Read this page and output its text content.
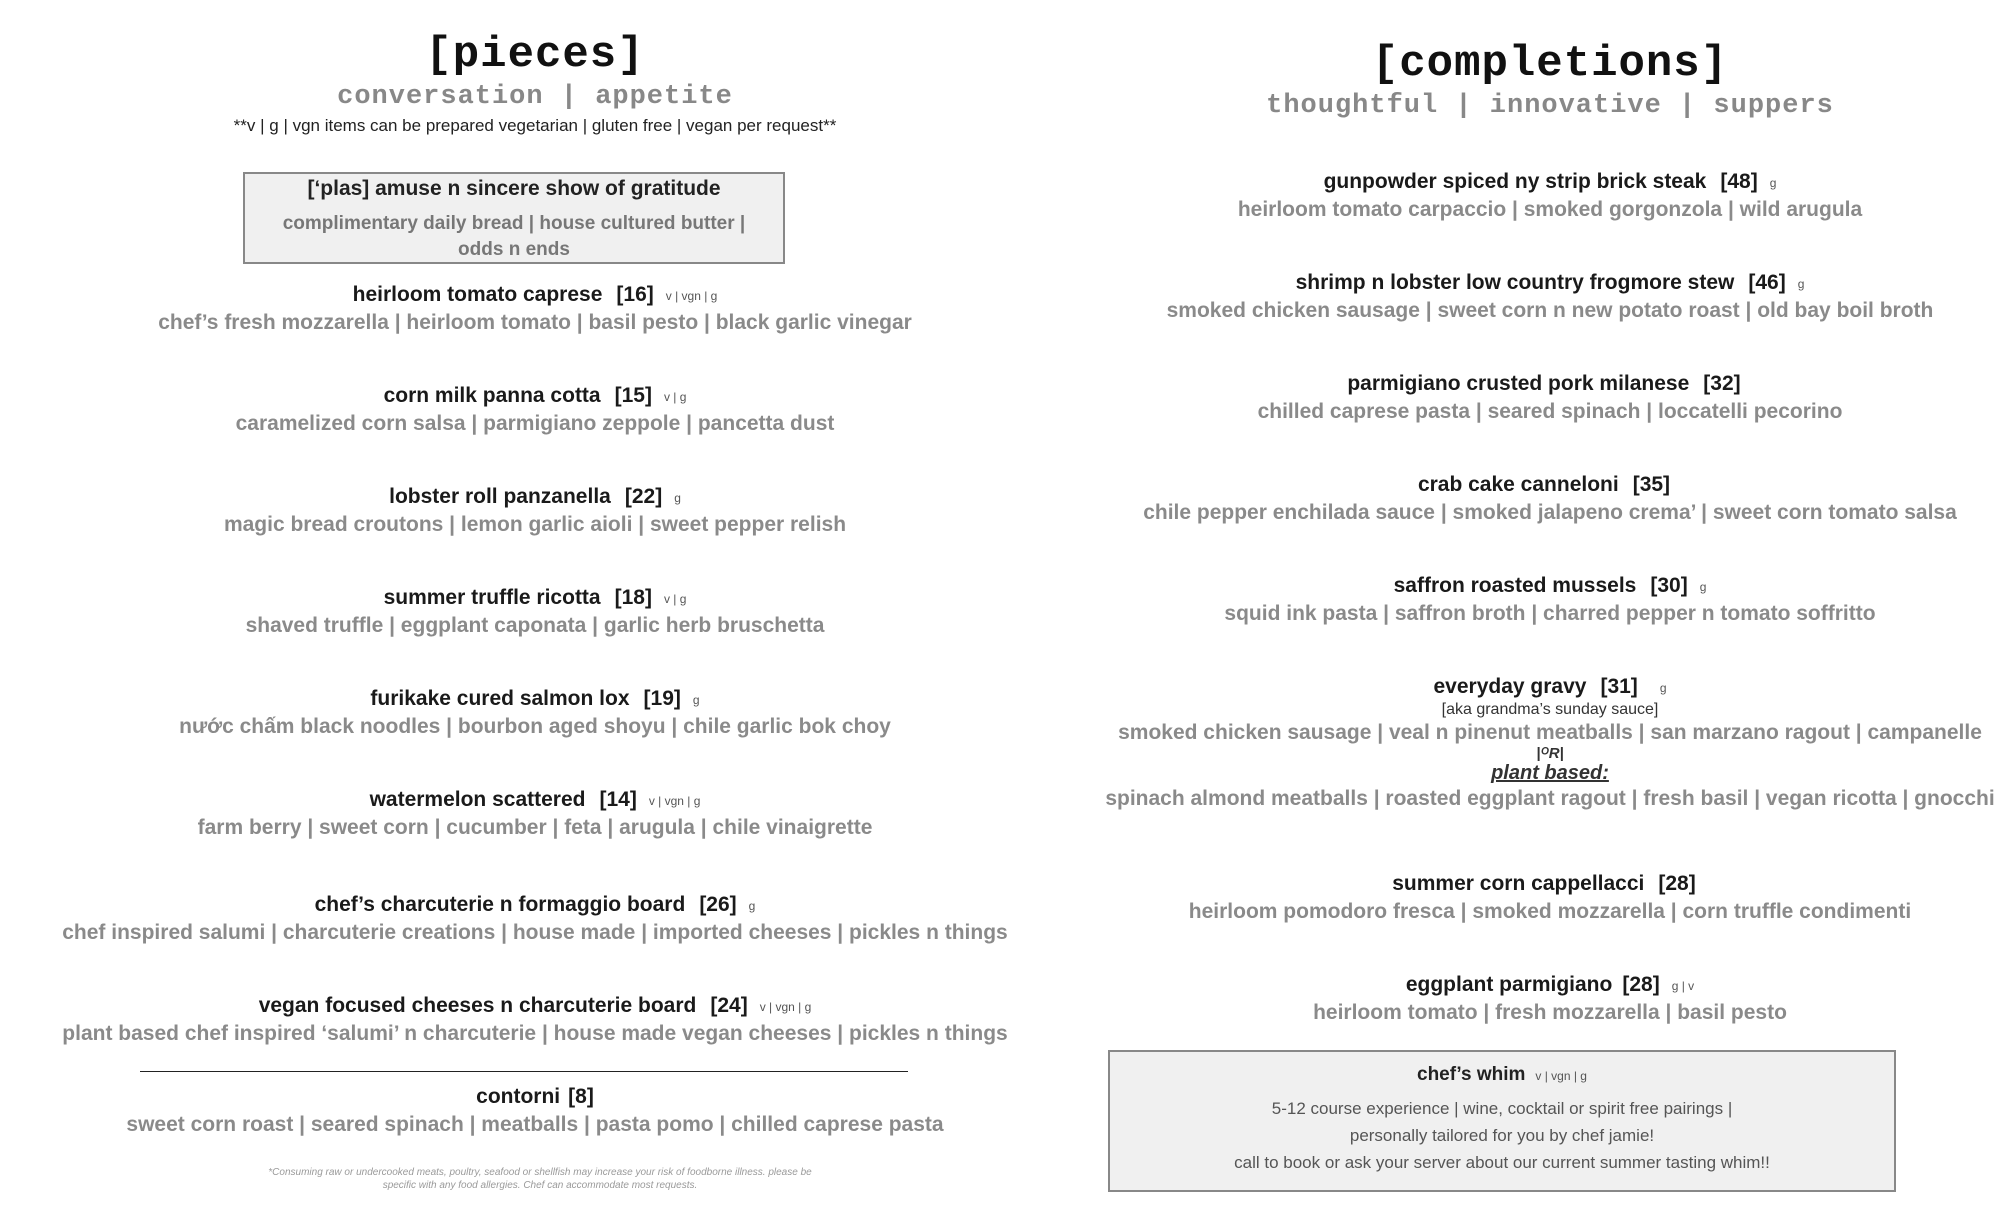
[pieces]
conversation | appetite
**v | g | vgn items can be prepared vegetarian | gluten free | vegan per request**
[‘plas] amuse n sincere show of gratitude
complimentary daily bread | house cultured butter |
odds n ends
heirloom tomato caprese [16] v | vgn | g
chef’s fresh mozzarella | heirloom tomato | basil pesto | black garlic vinegar
corn milk panna cotta [15] v | g
caramelized corn salsa | parmigiano zeppole | pancetta dust
lobster roll panzanella [22] g
magic bread croutons | lemon garlic aioli | sweet pepper relish
summer truffle ricotta [18] v | g
shaved truffle | eggplant caponata | garlic herb bruschetta
furikake cured salmon lox [19] g
nước chấm black noodles | bourbon aged shoyu | chile garlic bok choy
watermelon scattered [14] v | vgn | g
farm berry | sweet corn | cucumber | feta | arugula | chile vinaigrette
chef’s charcuterie n formaggio board [26] g
chef inspired salumi | charcuterie creations | house made | imported cheeses | pickles n things
vegan focused cheeses n charcuterie board [24] v | vgn | g
plant based chef inspired ‘salumi’ n charcuterie | house made vegan cheeses | pickles n things
contorni [8]
sweet corn roast | seared spinach | meatballs | pasta pomo | chilled caprese pasta
*Consuming raw or undercooked meats, poultry, seafood or shellfish may increase your risk of foodborne illness. please be
specific with any food allergies. Chef can accommodate most requests.
[completions]
thoughtful | innovative | suppers
gunpowder spiced ny strip brick steak [48] g
heirloom tomato carpaccio | smoked gorgonzola | wild arugula
shrimp n lobster low country frogmore stew [46] g
smoked chicken sausage | sweet corn n new potato roast | old bay boil broth
parmigiano crusted pork milanese [32]
chilled caprese pasta | seared spinach | loccatelli pecorino
crab cake canneloni [35]
chile pepper enchilada sauce | smoked jalapeno crema’ | sweet corn tomato salsa
saffron roasted mussels [30] g
squid ink pasta | saffron broth | charred pepper n tomato soffritto
everyday gravy [31] g
[aka grandma’s sunday sauce]
smoked chicken sausage | veal n pinenut meatballs | san marzano ragout | campanelle
|ᴼR|
plant based:
spinach almond meatballs | roasted eggplant ragout | fresh basil | vegan ricotta | gnocchi
summer corn cappellacci [28]
heirloom pomodoro fresca | smoked mozzarella | corn truffle condimenti
eggplant parmigiano [28] g | v
heirloom tomato | fresh mozzarella | basil pesto
chef’s whim v | vgn | g
5-12 course experience | wine, cocktail or spirit free pairings |
personally tailored for you by chef jamie!
call to book or ask your server about our current summer tasting whim!!
